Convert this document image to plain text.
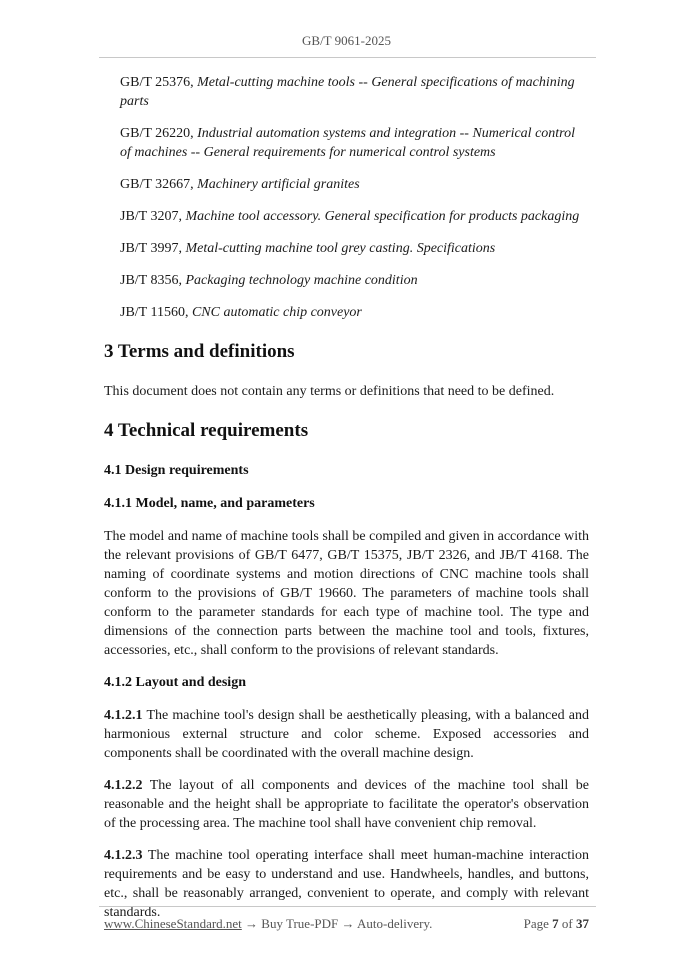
GB/T 9061-2025

GB/T 25376, Metal-cutting machine tools -- General specifications of machining parts

GB/T 26220, Industrial automation systems and integration -- Numerical control of machines -- General requirements for numerical control systems

GB/T 32667, Machinery artificial granites

JB/T 3207, Machine tool accessory. General specification for products packaging

JB/T 3997, Metal-cutting machine tool grey casting. Specifications

JB/T 8356, Packaging technology machine condition

JB/T 11560, CNC automatic chip conveyor

3 Terms and definitions

This document does not contain any terms or definitions that need to be defined.

4 Technical requirements
4.1 Design requirements
4.1.1 Model, name, and parameters

The model and name of machine tools shall be compiled and given in accordance with the relevant provisions of GB/T 6477, GB/T 15375, JB/T 2326, and JB/T 4168. The naming of coordinate systems and motion directions of CNC machine tools shall conform to the provisions of GB/T 19660. The parameters of machine tools shall conform to the parameter standards for each type of machine tool. The type and dimensions of the connection parts between the machine tool and tools, fixtures, accessories, etc., shall conform to the provisions of relevant standards.

4.1.2 Layout and design

4.1.2.1 The machine tool's design shall be aesthetically pleasing, with a balanced and harmonious external structure and color scheme. Exposed accessories and components shall be coordinated with the overall machine design.

4.1.2.2 The layout of all components and devices of the machine tool shall be reasonable and the height shall be appropriate to facilitate the operator's observation of the processing area. The machine tool shall have convenient chip removal.

4.1.2.3 The machine tool operating interface shall meet human-machine interaction requirements and be easy to understand and use. Handwheels, handles, and buttons, etc., shall be reasonably arranged, convenient to operate, and comply with relevant standards.

www.ChineseStandard.net → Buy True-PDF → Auto-delivery.	Page 7 of 37
